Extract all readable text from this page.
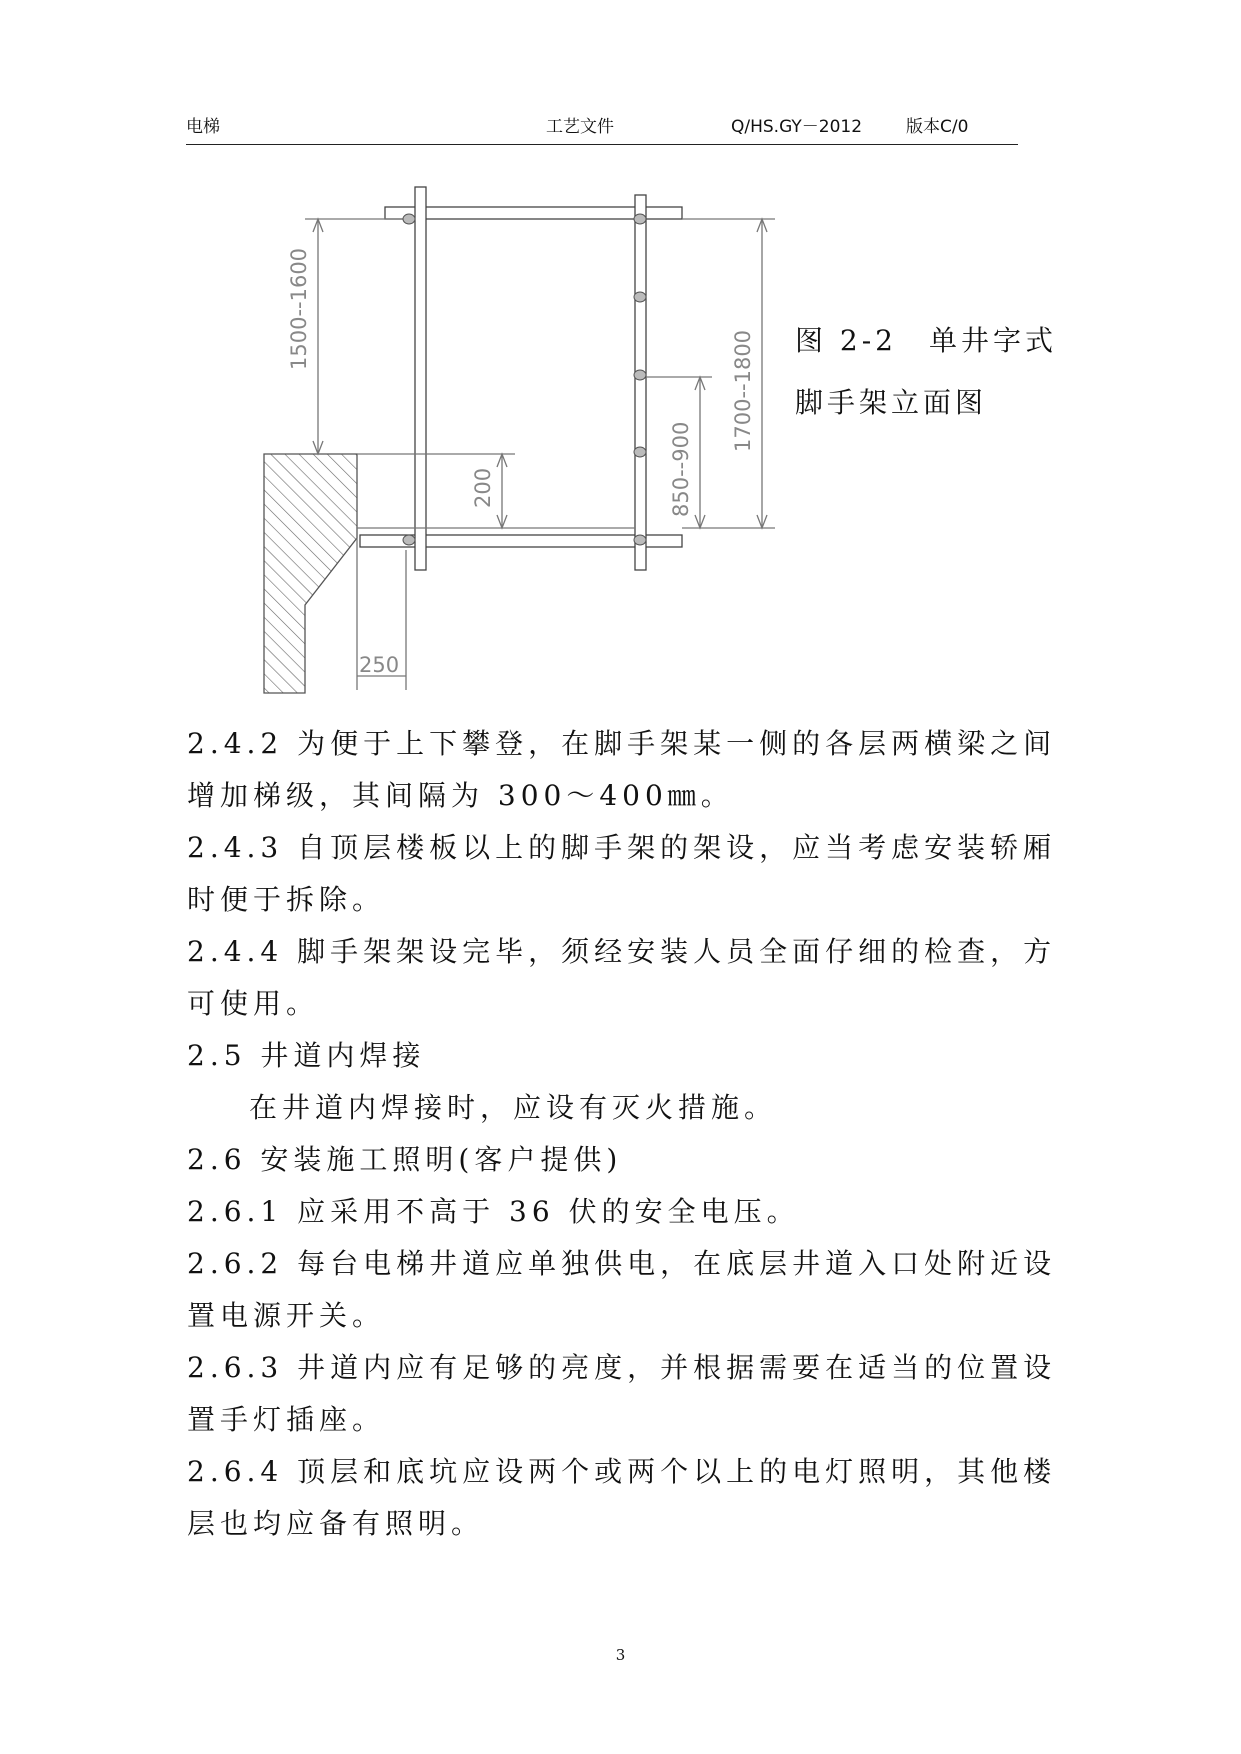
电梯	工艺文件	Q/HS.GY－2012	版本C/0
1500--1600
200	850--900
1700--1800
250
图 2-2　单井字式
脚手架立面图

2.4.2 为便于上下攀登，在脚手架某一侧的各层两横梁之间增加梯级，其间隔为 300～400㎜。

2.4.3 自顶层楼板以上的脚手架的架设，应当考虑安装轿厢时便于拆除。

2.4.4 脚手架架设完毕，须经安装人员全面仔细的检查，方可使用。

2.5 井道内焊接

在井道内焊接时，应设有灭火措施。

2.6 安装施工照明(客户提供)

2.6.1 应采用不高于 36 伏的安全电压。

2.6.2 每台电梯井道应单独供电，在底层井道入口处附近设置电源开关。

2.6.3 井道内应有足够的亮度，并根据需要在适当的位置设置手灯插座。

2.6.4 顶层和底坑应设两个或两个以上的电灯照明，其他楼层也均应备有照明。

3
